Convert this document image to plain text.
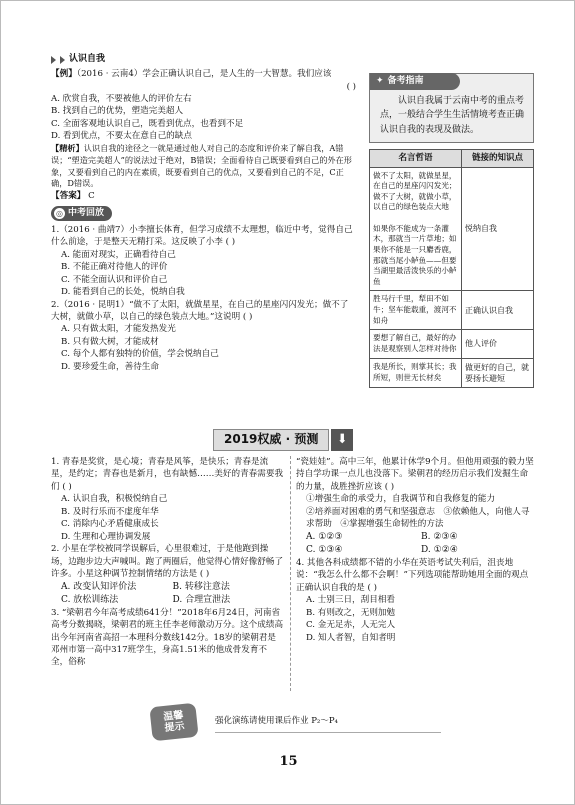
认识自我

【例】（2016 · 云南4）学会正确认识自己，是人生的一大智慧。我们应该

( )

A. 欣赏自我，不要被他人的评价左右

B. 找到自己的优势，塑造完美超人

C. 全面客观地认识自己，既看到优点，也看到不足

D. 看到优点，不要太在意自己的缺点

【精析】认识自我的途径之一就是通过他人对自己的态度和评价来了解自我，A错误；“塑造完美超人”的说法过于绝对，B错误；全面看待自己既要看到自己的外在形象，又要看到自己的内在素质，既要看到自己的优点，又要看到自己的不足，C正确，D错误。

【答案】 C

◎ 中考回放

1.（2016 · 曲靖7）小李擅长体育，但学习成绩不太理想，临近中考，觉得自己什么前途，于是整天无精打采。这反映了小李 ( )

A. 能面对现实，正确看待自己

B. 不能正确对待他人的评价

C. 不能全面认识和评价自己

D. 能看到自己的长处，悦纳自我

2.（2016 · 昆明1）“做不了太阳，就做星星，在自己的星座闪闪发光；做不了大树，就做小草，以自己的绿色装点大地。”这说明 ( )

A. 只有做太阳，才能发热发光

B. 只有做大树，才能成材

C. 每个人都有独特的价值，学会悦纳自己

D. 要珍爱生命，善待生命

✦ 备考指南

认识自我属于云南中考的重点考点，一般结合学生生活情境考查正确认识自我的表现及做法。

名言哲语	链接的知识点
做不了太阳，就做星星，在自己的星座闪闪发光；做不了大树，就做小草，以自己的绿色装点大地

如果你不能成为一条灌木，那就当一片草地；如果你不能是一只麝香鹿，那就当尾小鲈鱼——但要当湖里最活泼快乐的小鲈鱼	悦纳自我
胜马行千里，犁田不如牛；坚车能载重，渡河不如舟	正确认识自我
要想了解自己，最好的办法是观察别人怎样对待你	他人评价
我是所长，则掌其长；我所短，则世无长材矣	做更好的自己，就要扬长避短
2019权威 · 预测	⬇

1. 青春是奖赏，是心境；青春是风筝，是快乐；青春是流星，是约定；青春也是新月，也有缺憾……美好的青春需要我们 ( )

A. 认识自我，积极悦纳自己

B. 及时行乐而不虚度年华

C. 消除内心矛盾健康成长

D. 生理和心理协调发展

2. 小星在学校被同学误解后，心里很难过，于是他跑到操场，边跑步边大声喊叫。跑了两圈后，他觉得心情好像舒畅了许多。小星这种调节控制情绪的方法是 ( )

A. 改变认知评价法	B. 转移注意法
C. 放松训练法	D. 合理宣泄法

3. “梁朝君今年高考成绩641分！”2018年6月24日，河南省高考分数揭晓，梁朝君的班主任李老师激动万分。这个成绩高出今年河南省高招一本理科分数线142分。18岁的梁朝君是邓州市第一高中317班学生，身高1.51米的他成骨发育不全，俗称

“瓷娃娃”。高中三年，他累计休学9个月。但他用顽强的毅力坚持自学功课一点儿也没落下。梁朝君的经历启示我们发掘生命的力量，战胜挫折应该 ( )

①增强生命的承受力，自我调节和自我修复的能力

②培养面对困难的勇气和坚强意志　③依赖他人，向他人寻求帮助　④掌握增强生命韧性的方法

A. ①②③	B. ②③④
C. ①③④	D. ①②④

4. 其他各科成绩都不错的小华在英语考试失利后，沮丧地说：“我怎么什么都不会啊！”下列选项能帮助她用全面的观点正确认识自我的是 ( )

A. 士别三日，刮目相看

B. 有则改之，无则加勉

C. 金无足赤，人无完人

D. 知人者智，自知者明

温馨
提示	强化演练请使用课后作业 P₂～P₄
15
